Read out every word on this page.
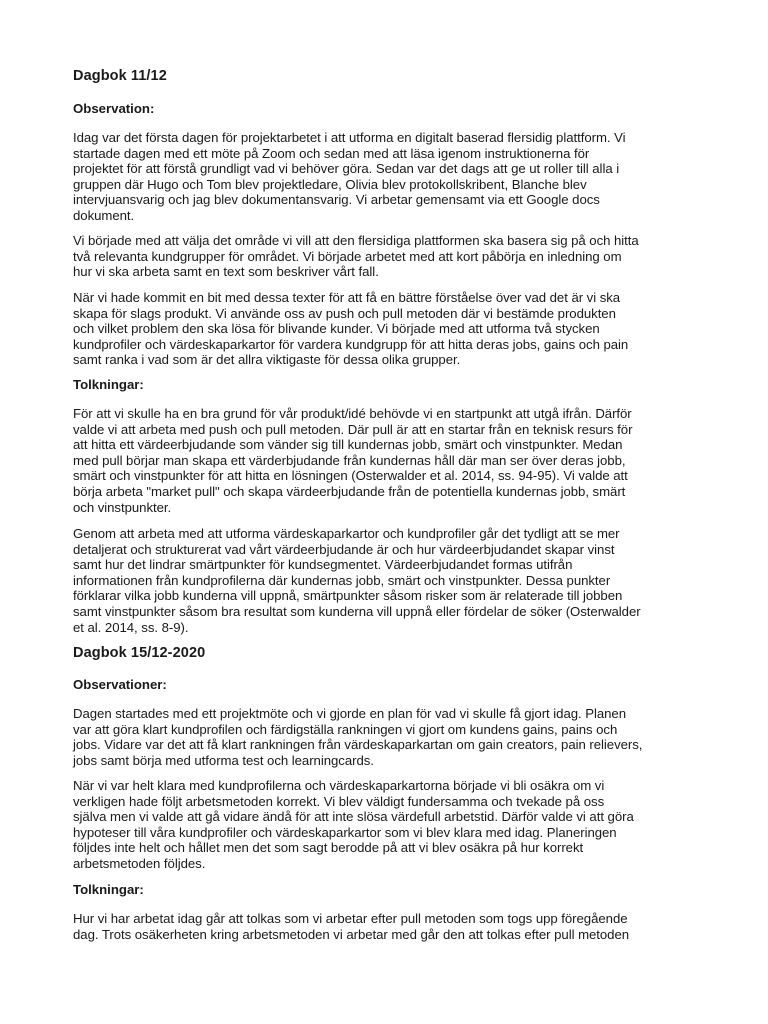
Dagbok 11/12
Observation:

Idag var det första dagen för projektarbetet i att utforma en digitalt baserad flersidig plattform. Vi
startade dagen med ett möte på Zoom och sedan med att läsa igenom instruktionerna för
projektet för att förstå grundligt vad vi behöver göra. Sedan var det dags att ge ut roller till alla i
gruppen där Hugo och Tom blev projektledare, Olivia blev protokollskribent, Blanche blev
intervjuansvarig och jag blev dokumentansvarig. Vi arbetar gemensamt via ett Google docs
dokument.

Vi började med att välja det område vi vill att den flersidiga plattformen ska basera sig på och hitta
två relevanta kundgrupper för området. Vi började arbetet med att kort påbörja en inledning om
hur vi ska arbeta samt en text som beskriver vårt fall.

När vi hade kommit en bit med dessa texter för att få en bättre förståelse över vad det är vi ska
skapa för slags produkt. Vi använde oss av push och pull metoden där vi bestämde produkten
och vilket problem den ska lösa för blivande kunder. Vi började med att utforma två stycken
kundprofiler och värdeskaparkartor för vardera kundgrupp för att hitta deras jobs, gains och pain
samt ranka i vad som är det allra viktigaste för dessa olika grupper.

Tolkningar:

För att vi skulle ha en bra grund för vår produkt/idé behövde vi en startpunkt att utgå ifrån. Därför
valde vi att arbeta med push och pull metoden. Där pull är att en startar från en teknisk resurs för
att hitta ett värdeerbjudande som vänder sig till kundernas jobb, smärt och vinstpunkter. Medan
med pull börjar man skapa ett värderbjudande från kundernas håll där man ser över deras jobb,
smärt och vinstpunkter för att hitta en lösningen (Osterwalder et al. 2014, ss. 94-95). Vi valde att
börja arbeta "market pull" och skapa värdeerbjudande från de potentiella kundernas jobb, smärt
och vinstpunkter.

Genom att arbeta med att utforma värdeskaparkartor och kundprofiler går det tydligt att se mer
detaljerat och strukturerat vad vårt värdeerbjudande är och hur värdeerbjudandet skapar vinst
samt hur det lindrar smärtpunkter för kundsegmentet. Värdeerbjudandet formas utifrån
informationen från kundprofilerna där kundernas jobb, smärt och vinstpunkter. Dessa punkter
förklarar vilka jobb kunderna vill uppnå, smärtpunkter såsom risker som är relaterade till jobben
samt vinstpunkter såsom bra resultat som kunderna vill uppnå eller fördelar de söker (Osterwalder
et al. 2014, ss. 8-9).

Dagbok 15/12-2020
Observationer:

Dagen startades med ett projektmöte och vi gjorde en plan för vad vi skulle få gjort idag. Planen
var att göra klart kundprofilen och färdigställa rankningen vi gjort om kundens gains, pains och
jobs. Vidare var det att få klart rankningen från värdeskaparkartan om gain creators, pain relievers,
jobs samt börja med utforma test och learningcards.

När vi var helt klara med kundprofilerna och värdeskaparkartorna började vi bli osäkra om vi
verkligen hade följt arbetsmetoden korrekt. Vi blev väldigt fundersamma och tvekade på oss
själva men vi valde att gå vidare ändå för att inte slösa värdefull arbetstid. Därför valde vi att göra
hypoteser till våra kundprofiler och värdeskaparkartor som vi blev klara med idag. Planeringen
följdes inte helt och hållet men det som sagt berodde på att vi blev osäkra på hur korrekt
arbetsmetoden följdes.

Tolkningar:

Hur vi har arbetat idag går att tolkas som vi arbetar efter pull metoden som togs upp föregående
dag. Trots osäkerheten kring arbetsmetoden vi arbetar med går den att tolkas efter pull metoden
